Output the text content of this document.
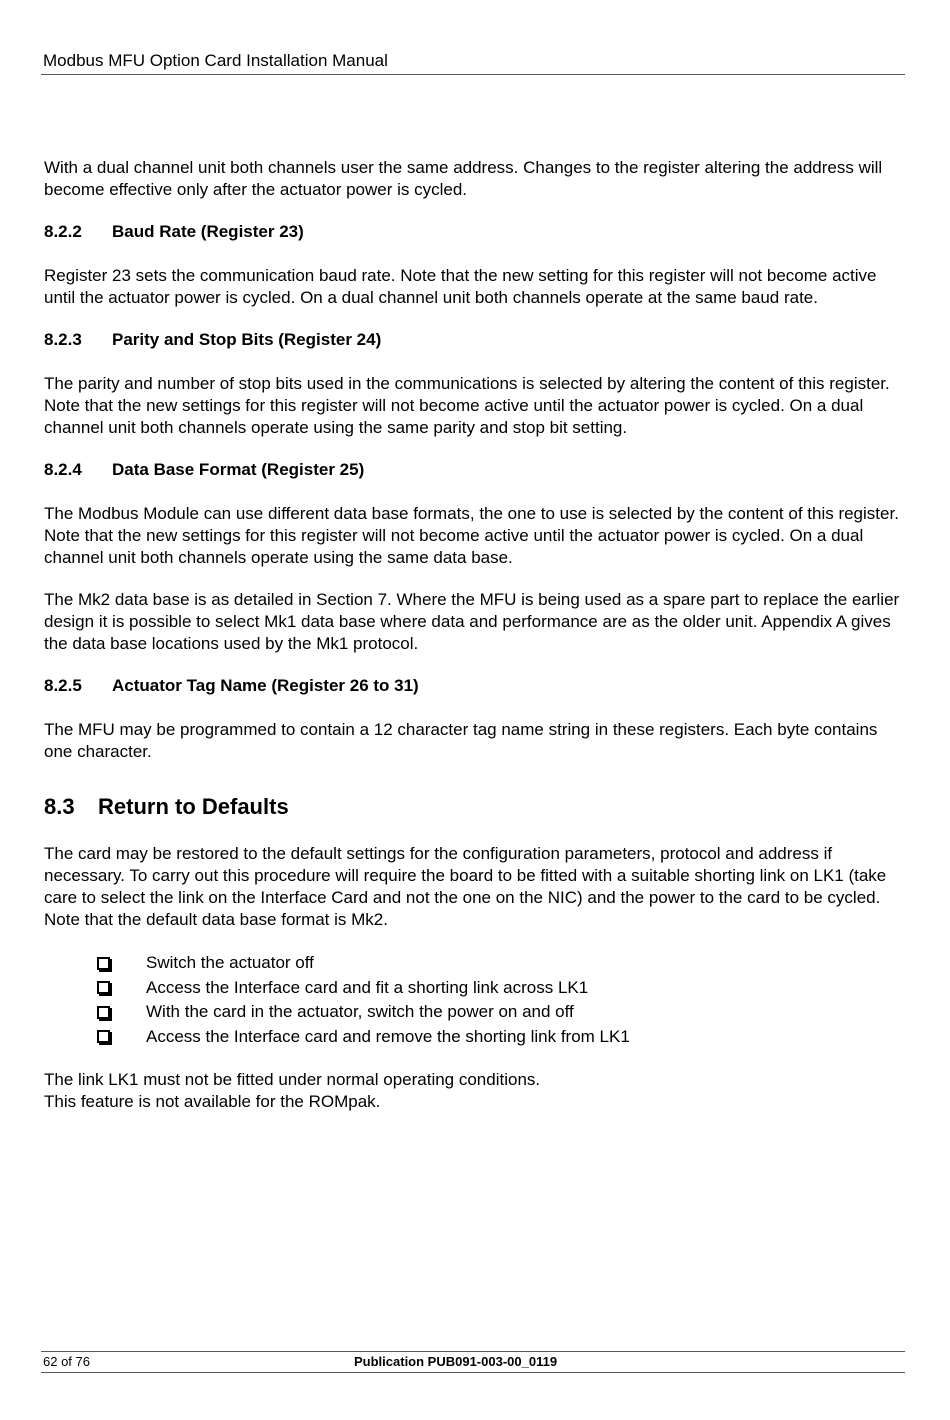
Modbus MFU Option Card Installation Manual

With a dual channel unit both channels user the same address. Changes to the register altering the address will become effective only after the actuator power is cycled.

8.2.2 Baud Rate (Register 23)

Register 23 sets the communication baud rate. Note that the new setting for this register will not become active until the actuator power is cycled. On a dual channel unit both channels operate at the same baud rate.

8.2.3 Parity and Stop Bits (Register 24)

The parity and number of stop bits used in the communications is selected by altering the content of this register. Note that the new settings for this register will not become active until the actuator power is cycled. On a dual channel unit both channels operate using the same parity and stop bit setting.

8.2.4 Data Base Format (Register 25)

The Modbus Module can use different data base formats, the one to use is selected by the content of this register. Note that the new settings for this register will not become active until the actuator power is cycled. On a dual channel unit both channels operate using the same data base.

The Mk2 data base is as detailed in Section 7. Where the MFU is being used as a spare part to replace the earlier design it is possible to select Mk1 data base where data and performance are as the older unit. Appendix A gives the data base locations used by the Mk1 protocol.

8.2.5 Actuator Tag Name (Register 26 to 31)

The MFU may be programmed to contain a 12 character tag name string in these registers. Each byte contains one character.

8.3 Return to Defaults

The card may be restored to the default settings for the configuration parameters, protocol and address if necessary. To carry out this procedure will require the board to be fitted with a suitable shorting link on LK1 (take care to select the link on the Interface Card and not the one on the NIC) and the power to the card to be cycled. Note that the default data base format is Mk2.

Switch the actuator off
Access the Interface card and fit a shorting link across LK1
With the card in the actuator, switch the power on and off
Access the Interface card and remove the shorting link from LK1

The link LK1 must not be fitted under normal operating conditions.

This feature is not available for the ROMpak.

62 of 76	Publication PUB091-003-00_0119
